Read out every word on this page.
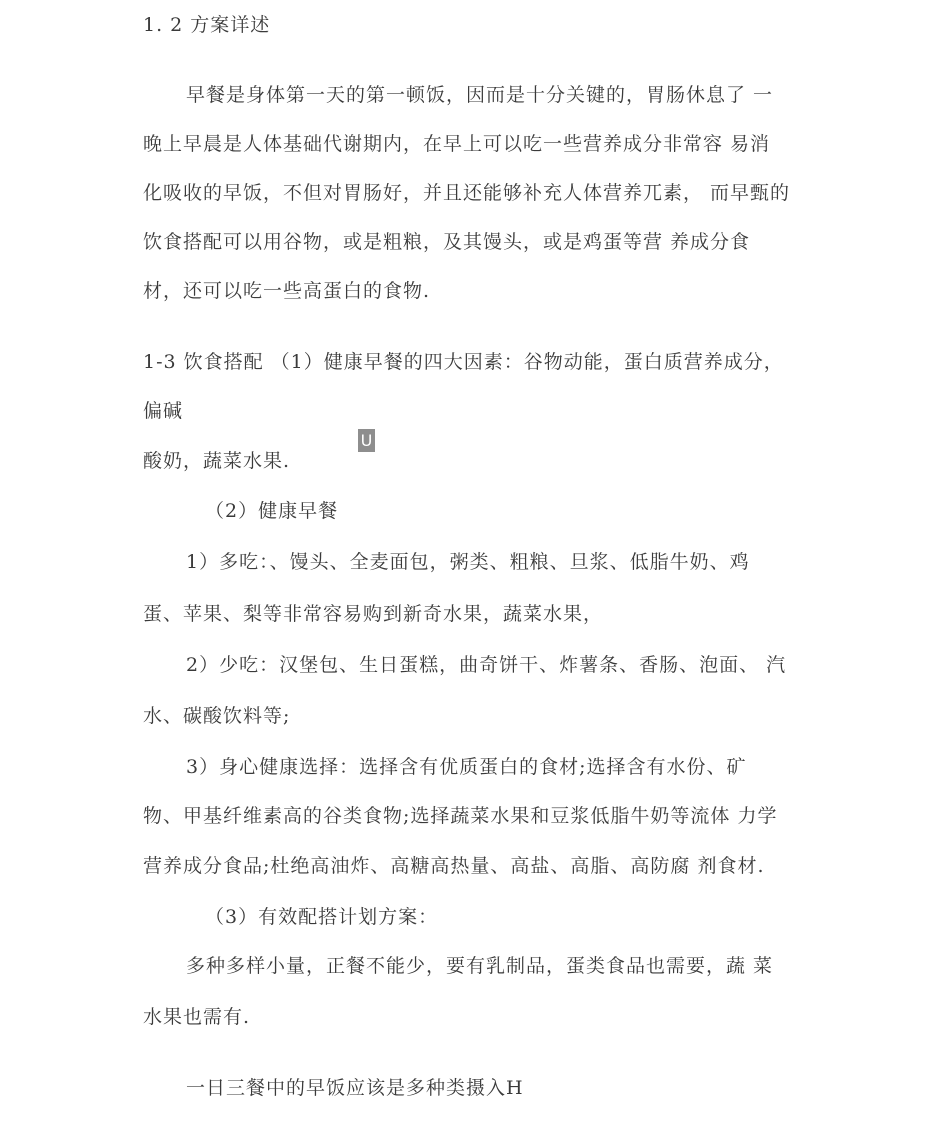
1. 2 方案详述
早餐是身体第一天的第一顿饭，因而是十分关键的，胃肠休息了 一
晚上早晨是人体基础代谢期内，在早上可以吃一些营养成分非常容 易消
化吸收的早饭，不但对胃肠好，并且还能够补充人体营养兀素， 而早甄的
饮食搭配可以用谷物，或是粗粮，及其馒头，或是鸡蛋等营 养成分食
材，还可以吃一些高蛋白的食物.
1-3 饮食搭配 （1）健康早餐的四大因素：谷物动能，蛋白质营养成分，
偏碱
U
酸奶，蔬菜水果.
（2）健康早餐
1）多吃：、馒头、全麦面包，粥类、粗粮、旦浆、低脂牛奶、鸡
蛋、苹果、梨等非常容易购到新奇水果，蔬菜水果，
2）少吃：汉堡包、生日蛋糕，曲奇饼干、炸薯条、香肠、泡面、 汽
水、碳酸饮料等;
3）身心健康选择：选择含有优质蛋白的食材;选择含有水份、矿
物、甲基纤维素高的谷类食物;选择蔬菜水果和豆浆低脂牛奶等流体 力学
营养成分食品;杜绝高油炸、高糖高热量、高盐、高脂、高防腐 剂食材.
（3）有效配搭计划方案：
多种多样小量，正餐不能少，要有乳制品，蛋类食品也需要，蔬 菜
水果也需有.
一日三餐中的早饭应该是多种类摄入H
